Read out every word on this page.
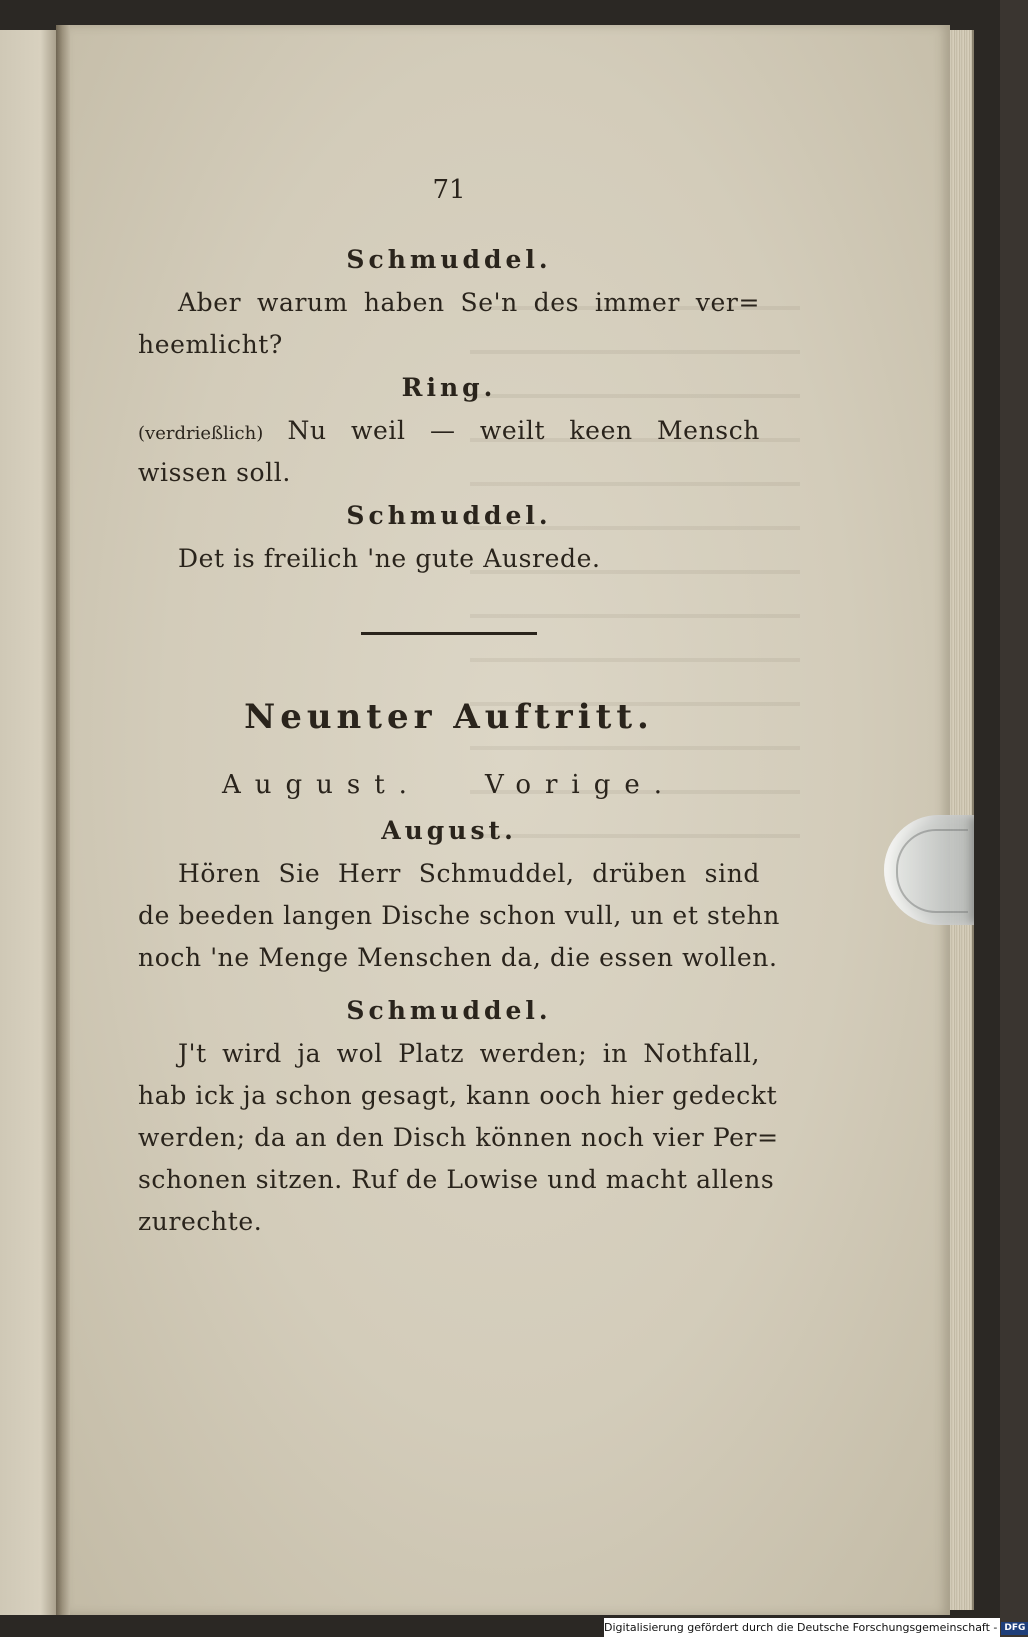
71
Schmuddel.
Aber warum haben Se'n des immer ver=
heemlicht?
Ring.
(verdrießlich) Nu weil — weilt keen Mensch
wissen soll.
Schmuddel.
Det is freilich 'ne gute Ausrede.
Neunter Auftritt.
August. Vorige.
August.
Hören Sie Herr Schmuddel, drüben sind
de beeden langen Dische schon vull, un et stehn
noch 'ne Menge Menschen da, die essen wollen.
Schmuddel.
J't wird ja wol Platz werden; in Nothfall,
hab ick ja schon gesagt, kann ooch hier gedeckt
werden; da an den Disch können noch vier Per=
schonen sitzen. Ruf de Lowise und macht allens
zurechte.
Digitalisierung gefördert durch die Deutsche Forschungsgemeinschaft - DFG
